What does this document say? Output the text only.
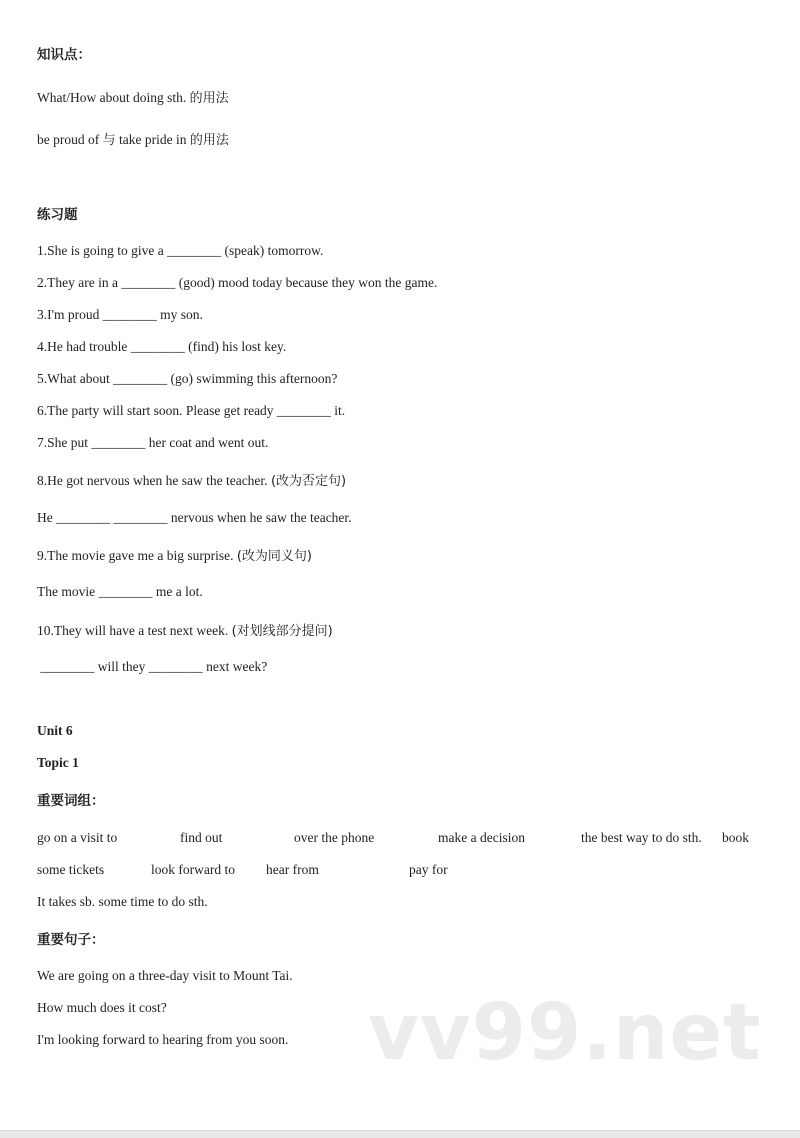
知识点：
What/How about doing sth. 的用法
be proud of 与 take pride in 的用法
练习题
1.She is going to give a ________ (speak) tomorrow.
2.They are in a ________ (good) mood today because they won the game.
3.I'm proud ________ my son.
4.He had trouble ________ (find) his lost key.
5.What about ________ (go) swimming this afternoon?
6.The party will start soon. Please get ready ________ it.
7.She put ________ her coat and went out.
8.He got nervous when he saw the teacher. (改为否定句)
He ________ ________ nervous when he saw the teacher.
9.The movie gave me a big surprise. (改为同义句)
The movie ________ me a lot.
10.They will have a test next week. (对划线部分提问)
________ will they ________ next week?
Unit 6
Topic 1
重要词组：
go on a visit to	find out	over the phone	make a decision	the best way to do sth. book
some tickets	look forward to hear from	pay for
It takes sb. some time to do sth.
重要句子：
We are going on a three-day visit to Mount Tai.
How much does it cost?
I'm looking forward to hearing from you soon. vv99.net
